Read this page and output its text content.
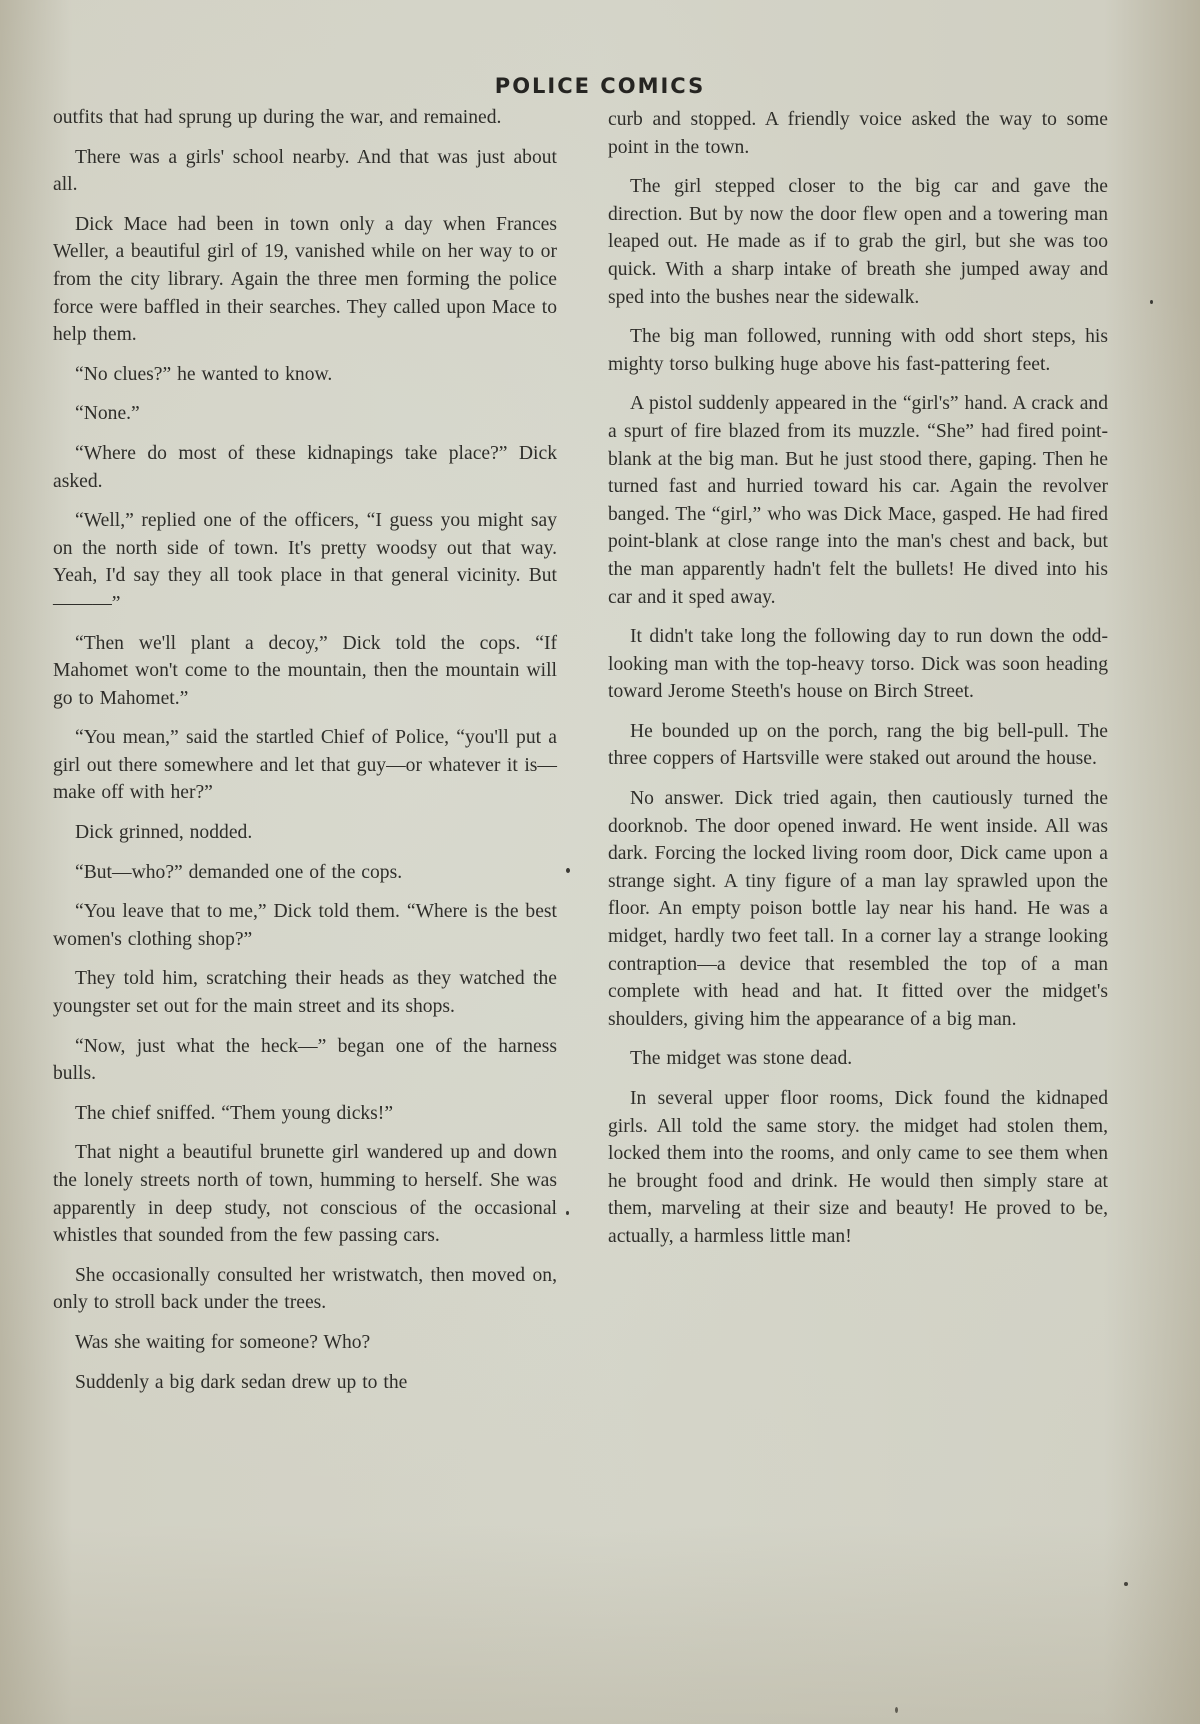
POLICE COMICS

outfits that had sprung up during the war, and remained.

There was a girls' school nearby. And that was just about all.

Dick Mace had been in town only a day when Frances Weller, a beautiful girl of 19, vanished while on her way to or from the city library. Again the three men forming the police force were baffled in their searches. They called upon Mace to help them.

“No clues?” he wanted to know.

“None.”

“Where do most of these kidnapings take place?” Dick asked.

“Well,” replied one of the officers, “I guess you might say on the north side of town. It's pretty woodsy out that way. Yeah, I'd say they all took place in that general vicinity. But———”

“Then we'll plant a decoy,” Dick told the cops. “If Mahomet won't come to the mountain, then the mountain will go to Mahomet.”

“You mean,” said the startled Chief of Police, “you'll put a girl out there somewhere and let that guy—or whatever it is—make off with her?”

Dick grinned, nodded.

“But—who?” demanded one of the cops.

“You leave that to me,” Dick told them. “Where is the best women's clothing shop?”

They told him, scratching their heads as they watched the youngster set out for the main street and its shops.

“Now, just what the heck—” began one of the harness bulls.

The chief sniffed. “Them young dicks!”

That night a beautiful brunette girl wandered up and down the lonely streets north of town, humming to herself. She was apparently in deep study, not conscious of the occasional whistles that sounded from the few passing cars.

She occasionally consulted her wristwatch, then moved on, only to stroll back under the trees.

Was she waiting for someone? Who?

Suddenly a big dark sedan drew up to the

curb and stopped. A friendly voice asked the way to some point in the town.

The girl stepped closer to the big car and gave the direction. But by now the door flew open and a towering man leaped out. He made as if to grab the girl, but she was too quick. With a sharp intake of breath she jumped away and sped into the bushes near the sidewalk.

The big man followed, running with odd short steps, his mighty torso bulking huge above his fast-pattering feet.

A pistol suddenly appeared in the “girl's” hand. A crack and a spurt of fire blazed from its muzzle. “She” had fired point-blank at the big man. But he just stood there, gaping. Then he turned fast and hurried toward his car. Again the revolver banged. The “girl,” who was Dick Mace, gasped. He had fired point-blank at close range into the man's chest and back, but the man apparently hadn't felt the bullets! He dived into his car and it sped away.

It didn't take long the following day to run down the odd-looking man with the top-heavy torso. Dick was soon heading toward Jerome Steeth's house on Birch Street.

He bounded up on the porch, rang the big bell-pull. The three coppers of Hartsville were staked out around the house.

No answer. Dick tried again, then cautiously turned the doorknob. The door opened inward. He went inside. All was dark. Forcing the locked living room door, Dick came upon a strange sight. A tiny figure of a man lay sprawled upon the floor. An empty poison bottle lay near his hand. He was a midget, hardly two feet tall. In a corner lay a strange looking contraption—a device that resembled the top of a man complete with head and hat. It fitted over the midget's shoulders, giving him the appearance of a big man.

The midget was stone dead.

In several upper floor rooms, Dick found the kidnaped girls. All told the same story. the midget had stolen them, locked them into the rooms, and only came to see them when he brought food and drink. He would then simply stare at them, marveling at their size and beauty! He proved to be, actually, a harmless little man!
